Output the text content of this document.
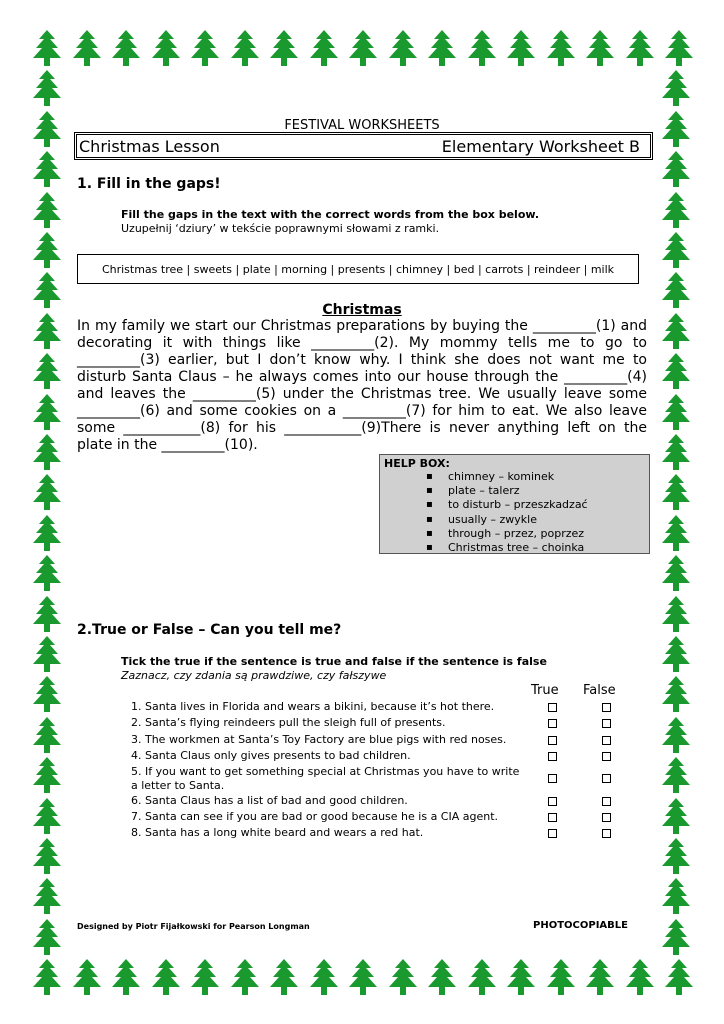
FESTIVAL WORKSHEETS
Christmas Lesson	Elementary Worksheet B
1. Fill in the gaps!
Fill the gaps in the text with the correct words from the box below.
Uzupełnij ‘dziury’ w tekście poprawnymi słowami z ramki.
Christmas tree | sweets | plate | morning | presents | chimney | bed | carrots | reindeer | milk
Christmas

In my family we start our Christmas preparations by buying the _________(1) and decorating it with things like _________(2). My mommy tells me to go to _________(3) earlier, but I don’t know why. I think she does not want me to disturb Santa Claus – he always comes into our house through the _________(4) and leaves the _________(5) under the Christmas tree. We usually leave some _________(6) and some cookies on a _________(7) for him to eat. We also leave some ___________(8) for his ___________(9)There is never anything left on the plate in the _________(10).

HELP BOX:
▪ chimney – kominek
▪ plate – talerz
▪ to disturb – przeszkadzać
▪ usually – zwykle
▪ through – przez, poprzez
▪ Christmas tree – choinka
2.True or False – Can you tell me?
Tick the true if the sentence is true and false if the sentence is false
Zaznacz, czy zdania są prawdziwe, czy fałszywe
True False
1. Santa lives in Florida and wears a bikini, because it’s hot there.
2. Santa’s flying reindeers pull the sleigh full of presents.
3. The workmen at Santa’s Toy Factory are blue pigs with red noses.
4. Santa Claus only gives presents to bad children.
5. If you want to get something special at Christmas you have to write a letter to Santa.
6. Santa Claus has a list of bad and good children.
7. Santa can see if you are bad or good because he is a CIA agent.
8. Santa has a long white beard and wears a red hat.
Designed by Piotr Fijałkowski for Pearson Longman	PHOTOCOPIABLE
